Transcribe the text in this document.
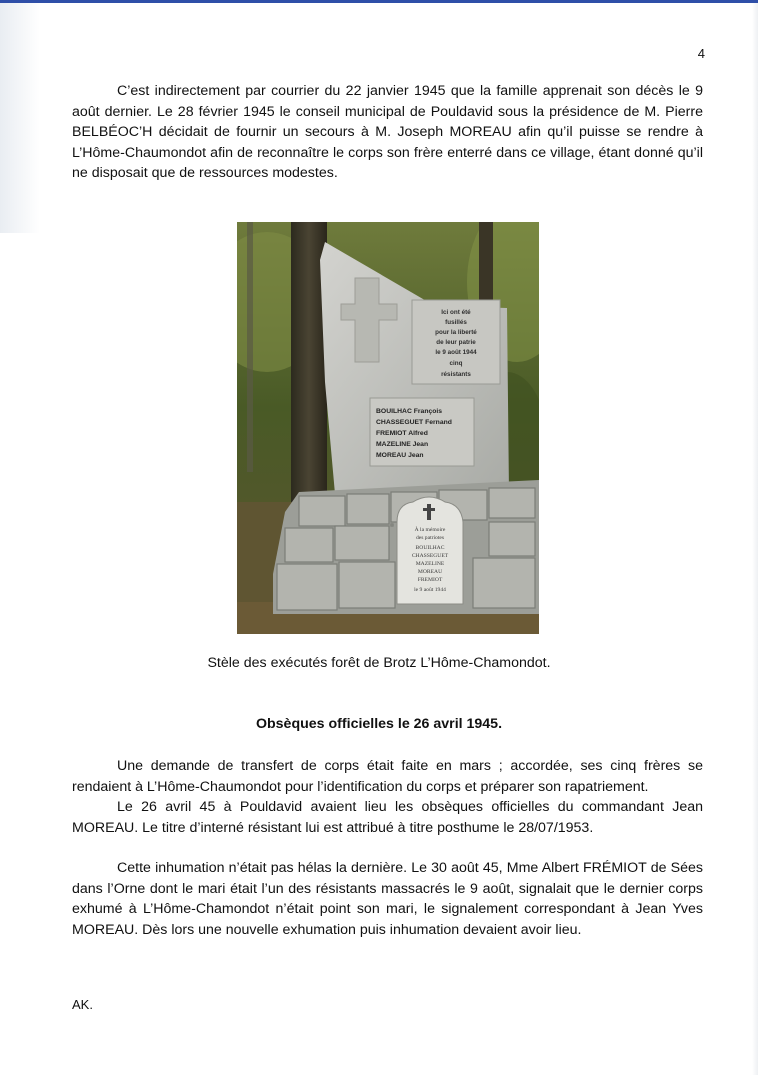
4

C’est indirectement par courrier du 22 janvier 1945 que la famille apprenait son décès le 9 août dernier. Le 28 février 1945 le conseil municipal de Pouldavid sous la présidence de M. Pierre BELBÉOC’H décidait de fournir un secours à M. Joseph MOREAU afin qu’il puisse se rendre à L’Hôme-Chaumondot afin de reconnaître le corps son frère enterré dans ce village, étant donné qu’il ne disposait que de ressources modestes.

Ici ont été
fusillés
pour la liberté
de leur patrie
le 9 août 1944
cinq
résistants
BOUILHAC François
CHASSEGUET Fernand
FREMIOT Alfred
MAZELINE Jean
MOREAU Jean
À la mémoire
des patriotes
BOUILHAC
CHASSEGUET
MAZELINE
MOREAU
FREMIOT
le 9 août 1944
Stèle des exécutés forêt de Brotz L’Hôme-Chamondot.
Obsèques officielles le 26 avril 1945.

Une demande de transfert de corps était faite en mars ; accordée, ses cinq frères se rendaient à L’Hôme-Chaumondot pour l’identification du corps et préparer son rapatriement.

Le 26 avril 45 à Pouldavid avaient lieu les obsèques officielles du commandant Jean MOREAU. Le titre d’interné résistant lui est attribué à titre posthume le 28/07/1953.

Cette inhumation n’était pas hélas la dernière. Le 30 août 45, Mme Albert FRÉMIOT de Sées dans l’Orne dont le mari était l’un des résistants massacrés le 9 août, signalait que le dernier corps exhumé à L’Hôme-Chamondot n’était point son mari, le signalement correspondant à Jean Yves MOREAU. Dès lors une nouvelle exhumation puis inhumation devaient avoir lieu.

AK.
